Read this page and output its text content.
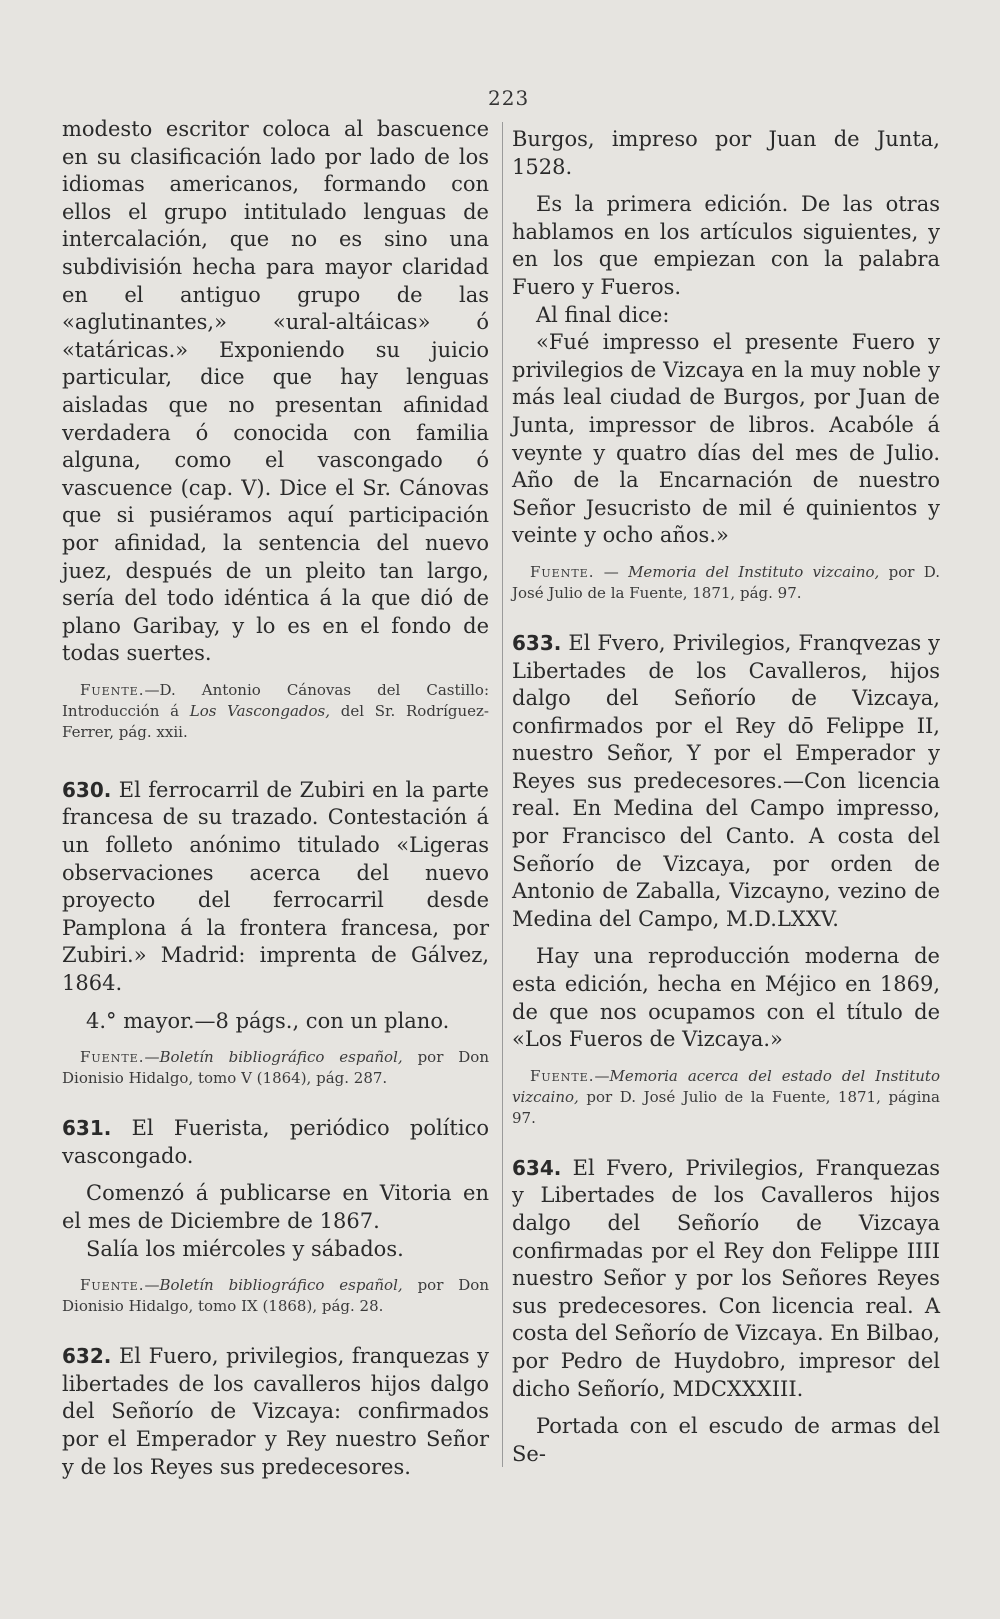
223

modesto escritor coloca al bascuence en su clasificación lado por lado de los idiomas americanos, formando con ellos el grupo intitulado lenguas de intercalación, que no es sino una subdivisión hecha para mayor claridad en el antiguo grupo de las «aglutinantes,» «ural-altáicas» ó «tatáricas.» Exponiendo su juicio particular, dice que hay lenguas aisladas que no presentan afinidad verdadera ó conocida con familia alguna, como el vascongado ó vascuence (cap. V). Dice el Sr. Cánovas que si pusiéramos aquí participación por afinidad, la sentencia del nuevo juez, después de un pleito tan largo, sería del todo idéntica á la que dió de plano Garibay, y lo es en el fondo de todas suertes.

Fuente.—D. Antonio Cánovas del Castillo: Introducción á Los Vascongados, del Sr. Rodríguez-Ferrer, pág. xxii.

630. El ferrocarril de Zubiri en la parte francesa de su trazado. Contestación á un folleto anónimo titulado «Ligeras observaciones acerca del nuevo proyecto del ferrocarril desde Pamplona á la frontera francesa, por Zubiri.» Madrid: imprenta de Gálvez, 1864.

4.° mayor.—8 págs., con un plano.

Fuente.—Boletín bibliográfico español, por Don Dionisio Hidalgo, tomo V (1864), pág. 287.

631. El Fuerista, periódico político vascongado.

Comenzó á publicarse en Vitoria en el mes de Diciembre de 1867.

Salía los miércoles y sábados.

Fuente.—Boletín bibliográfico español, por Don Dionisio Hidalgo, tomo IX (1868), pág. 28.

632. El Fuero, privilegios, franquezas y libertades de los cavalleros hijos dalgo del Señorío de Vizcaya: confirmados por el Emperador y Rey nuestro Señor y de los Reyes sus predecesores.

Burgos, impreso por Juan de Junta, 1528.

Es la primera edición. De las otras hablamos en los artículos siguientes, y en los que empiezan con la palabra Fuero y Fueros.

Al final dice:

«Fué impresso el presente Fuero y privilegios de Vizcaya en la muy noble y más leal ciudad de Burgos, por Juan de Junta, impressor de libros. Acabóle á veynte y quatro días del mes de Julio. Año de la Encarnación de nuestro Señor Jesucristo de mil é quinientos y veinte y ocho años.»

Fuente. — Memoria del Instituto vizcaino, por D. José Julio de la Fuente, 1871, pág. 97.

633. El Fvero, Privilegios, Franqvezas y Libertades de los Cavalleros, hijos dalgo del Señorío de Vizcaya, confirmados por el Rey dō Felippe II, nuestro Señor, Y por el Emperador y Reyes sus predecesores.—Con licencia real. En Medina del Campo impresso, por Francisco del Canto. A costa del Señorío de Vizcaya, por orden de Antonio de Zaballa, Vizcayno, vezino de Medina del Campo, M.D.LXXV.

Hay una reproducción moderna de esta edición, hecha en Méjico en 1869, de que nos ocupamos con el título de «Los Fueros de Vizcaya.»

Fuente.—Memoria acerca del estado del Instituto vizcaino, por D. José Julio de la Fuente, 1871, página 97.

634. El Fvero, Privilegios, Franquezas y Libertades de los Cavalleros hijos dalgo del Señorío de Vizcaya confirmadas por el Rey don Felippe IIII nuestro Señor y por los Señores Reyes sus predecesores. Con licencia real. A costa del Señorío de Vizcaya. En Bilbao, por Pedro de Huydobro, impresor del dicho Señorío, MDCXXXIII.

Portada con el escudo de armas del Se-
